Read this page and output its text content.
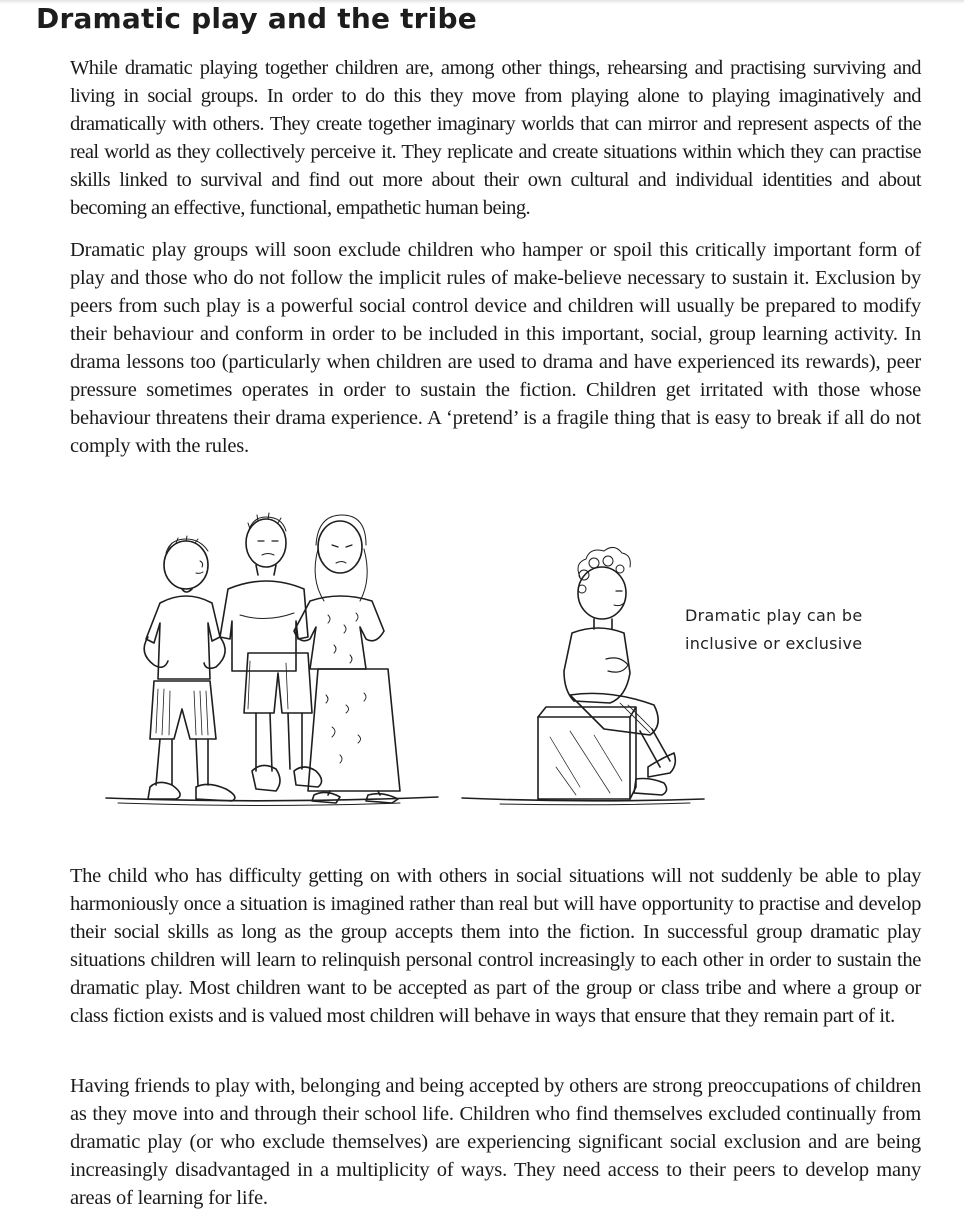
Dramatic play and the tribe

While dramatic playing together children are, among other things, rehearsing and practising surviving and living in social groups. In order to do this they move from playing alone to playing imaginatively and dramatically with others. They create together imaginary worlds that can mirror and represent aspects of the real world as they collectively perceive it. They replicate and create situations within which they can practise skills linked to survival and find out more about their own cultural and individual identities and about becoming an effective, functional, empathetic human being.

Dramatic play groups will soon exclude children who hamper or spoil this critically important form of play and those who do not follow the implicit rules of make-believe necessary to sustain it. Exclusion by peers from such play is a powerful social control device and children will usually be prepared to modify their behaviour and conform in order to be included in this important, social, group learning activity. In drama lessons too (particularly when children are used to drama and have experienced its rewards), peer pressure sometimes operates in order to sustain the fiction. Children get irritated with those whose behaviour threatens their drama experience. A ‘pretend’ is a fragile thing that is easy to break if all do not comply with the rules.

Dramatic play can be
inclusive or exclusive

The child who has difficulty getting on with others in social situations will not suddenly be able to play harmoniously once a situation is imagined rather than real but will have opportunity to practise and develop their social skills as long as the group accepts them into the fiction. In successful group dramatic play situations children will learn to relinquish personal control increasingly to each other in order to sustain the dramatic play. Most children want to be accepted as part of the group or class tribe and where a group or class fiction exists and is valued most children will behave in ways that ensure that they remain part of it.

Having friends to play with, belonging and being accepted by others are strong preoccupations of children as they move into and through their school life. Children who find themselves excluded continually from dramatic play (or who exclude themselves) are experiencing significant social exclusion and are being increasingly disadvantaged in a multiplicity of ways. They need access to their peers to develop many areas of learning for life.
